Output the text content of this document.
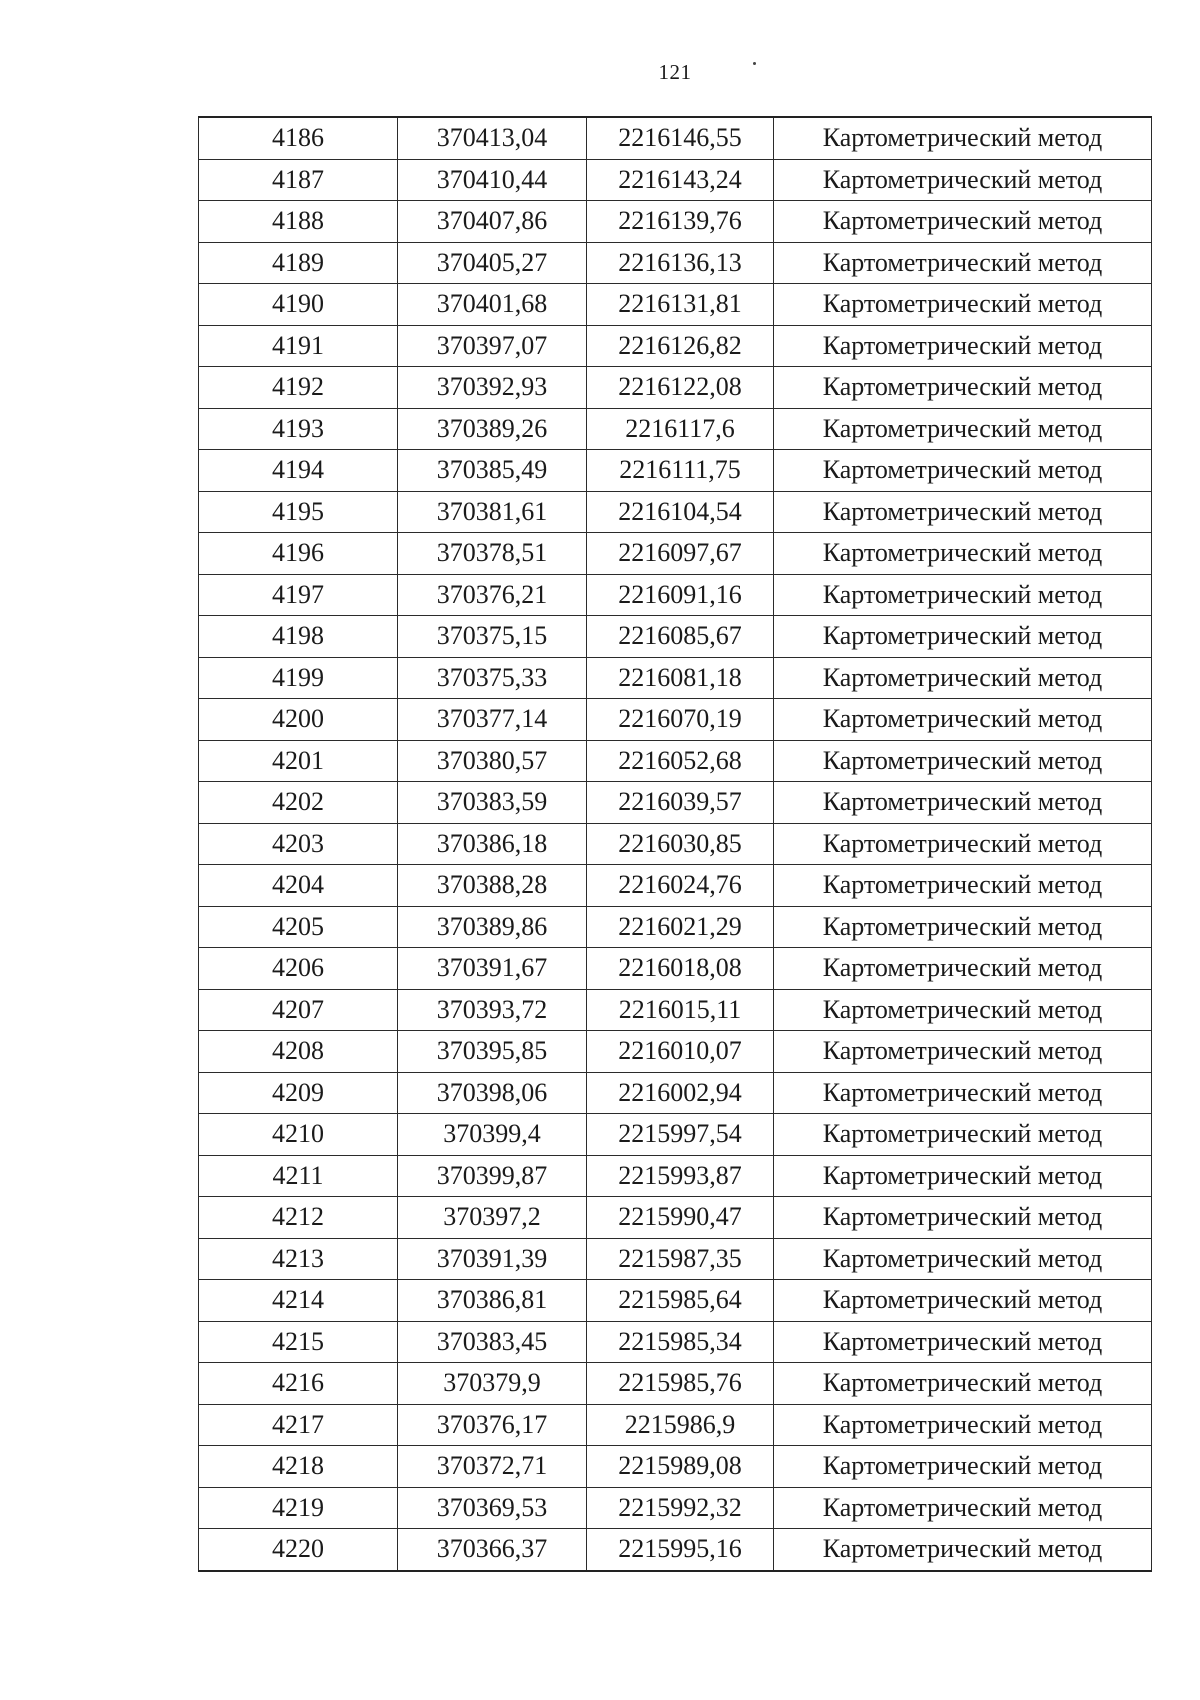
121
4186	370413,04	2216146,55	Картометрический метод
4187	370410,44	2216143,24	Картометрический метод
4188	370407,86	2216139,76	Картометрический метод
4189	370405,27	2216136,13	Картометрический метод
4190	370401,68	2216131,81	Картометрический метод
4191	370397,07	2216126,82	Картометрический метод
4192	370392,93	2216122,08	Картометрический метод
4193	370389,26	2216117,6	Картометрический метод
4194	370385,49	2216111,75	Картометрический метод
4195	370381,61	2216104,54	Картометрический метод
4196	370378,51	2216097,67	Картометрический метод
4197	370376,21	2216091,16	Картометрический метод
4198	370375,15	2216085,67	Картометрический метод
4199	370375,33	2216081,18	Картометрический метод
4200	370377,14	2216070,19	Картометрический метод
4201	370380,57	2216052,68	Картометрический метод
4202	370383,59	2216039,57	Картометрический метод
4203	370386,18	2216030,85	Картометрический метод
4204	370388,28	2216024,76	Картометрический метод
4205	370389,86	2216021,29	Картометрический метод
4206	370391,67	2216018,08	Картометрический метод
4207	370393,72	2216015,11	Картометрический метод
4208	370395,85	2216010,07	Картометрический метод
4209	370398,06	2216002,94	Картометрический метод
4210	370399,4	2215997,54	Картометрический метод
4211	370399,87	2215993,87	Картометрический метод
4212	370397,2	2215990,47	Картометрический метод
4213	370391,39	2215987,35	Картометрический метод
4214	370386,81	2215985,64	Картометрический метод
4215	370383,45	2215985,34	Картометрический метод
4216	370379,9	2215985,76	Картометрический метод
4217	370376,17	2215986,9	Картометрический метод
4218	370372,71	2215989,08	Картометрический метод
4219	370369,53	2215992,32	Картометрический метод
4220	370366,37	2215995,16	Картометрический метод
